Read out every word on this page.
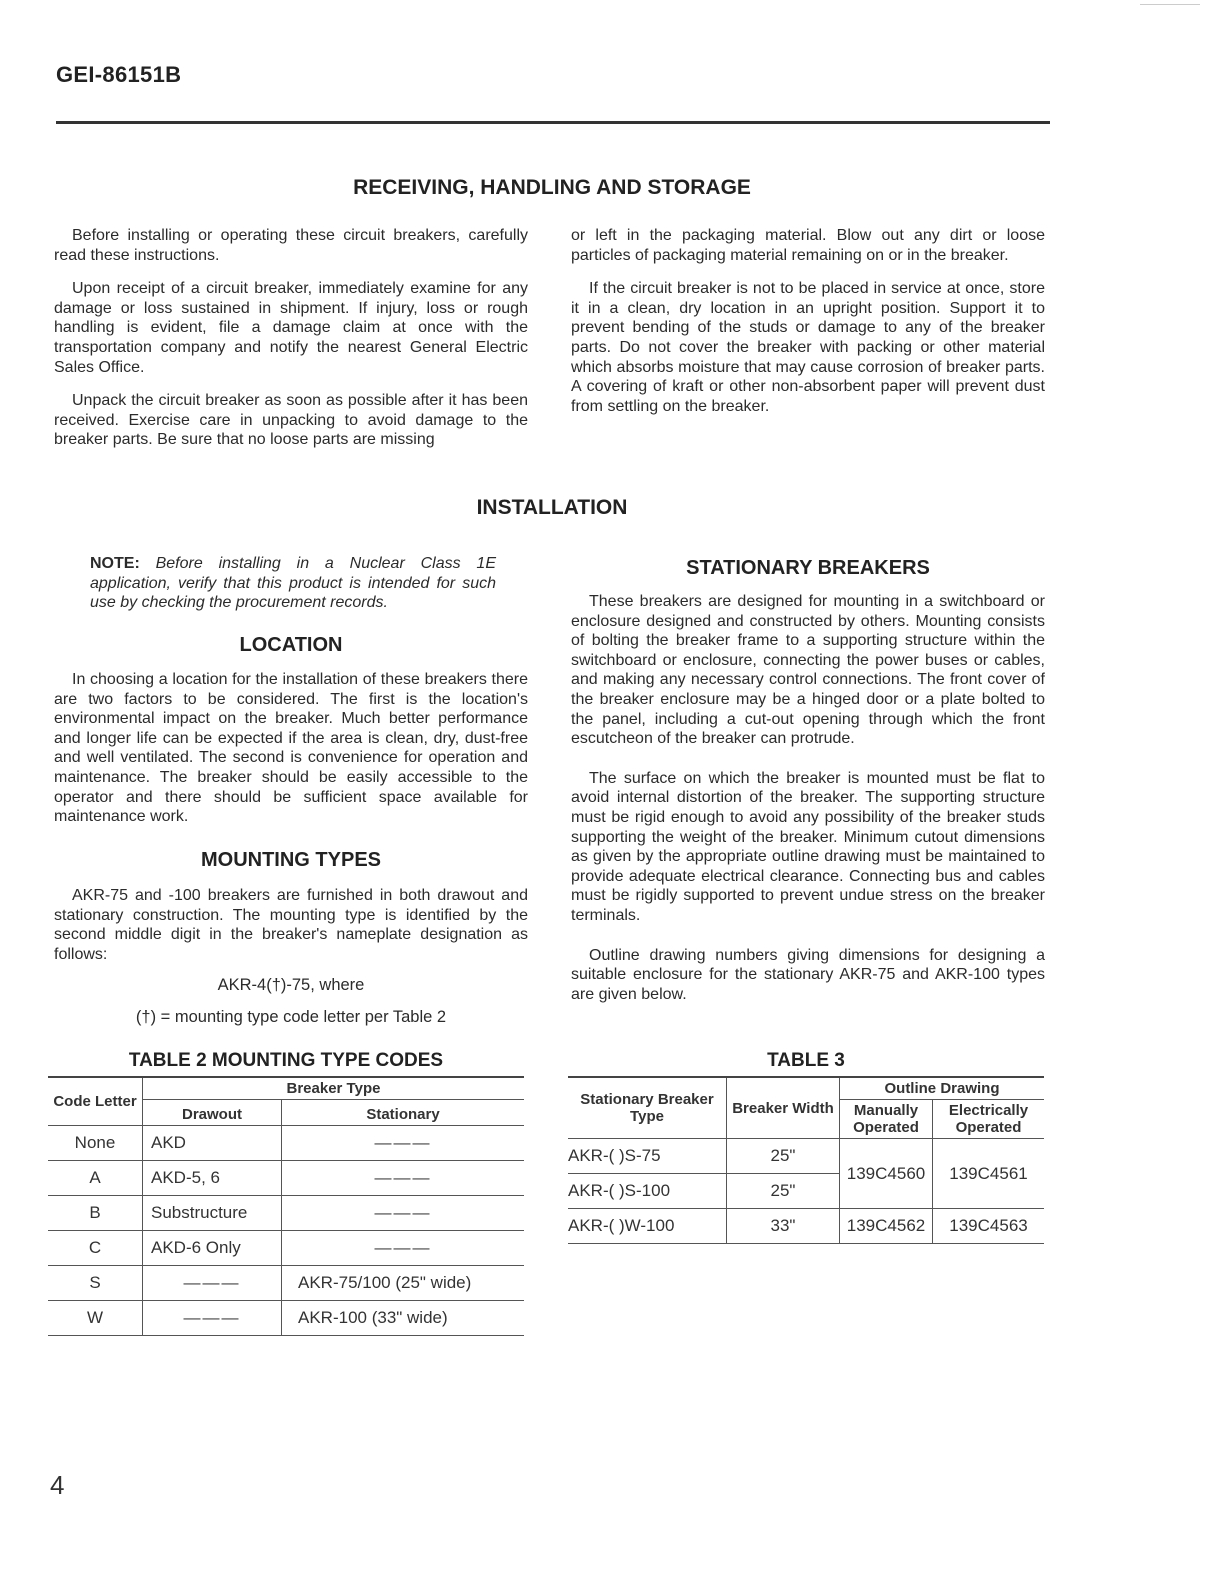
GEI-86151B
RECEIVING, HANDLING AND STORAGE

Before installing or operating these circuit breakers, carefully read these instructions.

Upon receipt of a circuit breaker, immediately examine for any damage or loss sustained in shipment. If injury, loss or rough handling is evident, file a damage claim at once with the transportation company and notify the nearest General Electric Sales Office.

Unpack the circuit breaker as soon as possible after it has been received. Exercise care in unpacking to avoid damage to the breaker parts. Be sure that no loose parts are missing

or left in the packaging material. Blow out any dirt or loose particles of packaging material remaining on or in the breaker.

If the circuit breaker is not to be placed in service at once, store it in a clean, dry location in an upright position. Support it to prevent bending of the studs or damage to any of the breaker parts. Do not cover the breaker with packing or other material which absorbs moisture that may cause corrosion of breaker parts. A covering of kraft or other non-absorbent paper will prevent dust from settling on the breaker.

INSTALLATION
NOTE: Before installing in a Nuclear Class 1E application, verify that this product is intended for such use by checking the procurement records.
LOCATION

In choosing a location for the installation of these breakers there are two factors to be considered. The first is the location's environmental impact on the breaker. Much better performance and longer life can be expected if the area is clean, dry, dust-free and well ventilated. The second is convenience for operation and maintenance. The breaker should be easily accessible to the operator and there should be sufficient space available for maintenance work.

MOUNTING TYPES

AKR-75 and -100 breakers are furnished in both drawout and stationary construction. The mounting type is identified by the second middle digit in the breaker's nameplate designation as follows:

AKR-4(†)-75, where
(†) = mounting type code letter per Table 2
STATIONARY BREAKERS

These breakers are designed for mounting in a switchboard or enclosure designed and constructed by others. Mounting consists of bolting the breaker frame to a supporting structure within the switchboard or enclosure, connecting the power buses or cables, and making any necessary control connections. The front cover of the breaker enclosure may be a hinged door or a plate bolted to the panel, including a cut-out opening through which the front escutcheon of the breaker can protrude.

The surface on which the breaker is mounted must be flat to avoid internal distortion of the breaker. The supporting structure must be rigid enough to avoid any possibility of the breaker studs supporting the weight of the breaker. Minimum cutout dimensions as given by the appropriate outline drawing must be maintained to provide adequate electrical clearance. Connecting bus and cables must be rigidly supported to prevent undue stress on the breaker terminals.

Outline drawing numbers giving dimensions for designing a suitable enclosure for the stationary AKR-75 and AKR-100 types are given below.

TABLE 2 MOUNTING TYPE CODES
Code Letter	Breaker Type	
	Drawout	Stationary
None	AKD	———
A	AKD-5, 6	———
B	Substructure	———
C	AKD-6 Only	———
S	———	AKR-75/100 (25" wide)
W	———	AKR-100 (33" wide)
TABLE 3
Stationary Breaker Type	Breaker Width	Outline Drawing	
		Manually Operated	Electrically Operated
AKR-( )S-75	25"	139C4560	139C4561
AKR-( )S-100	25"		
AKR-( )W-100	33"	139C4562	139C4563
4
